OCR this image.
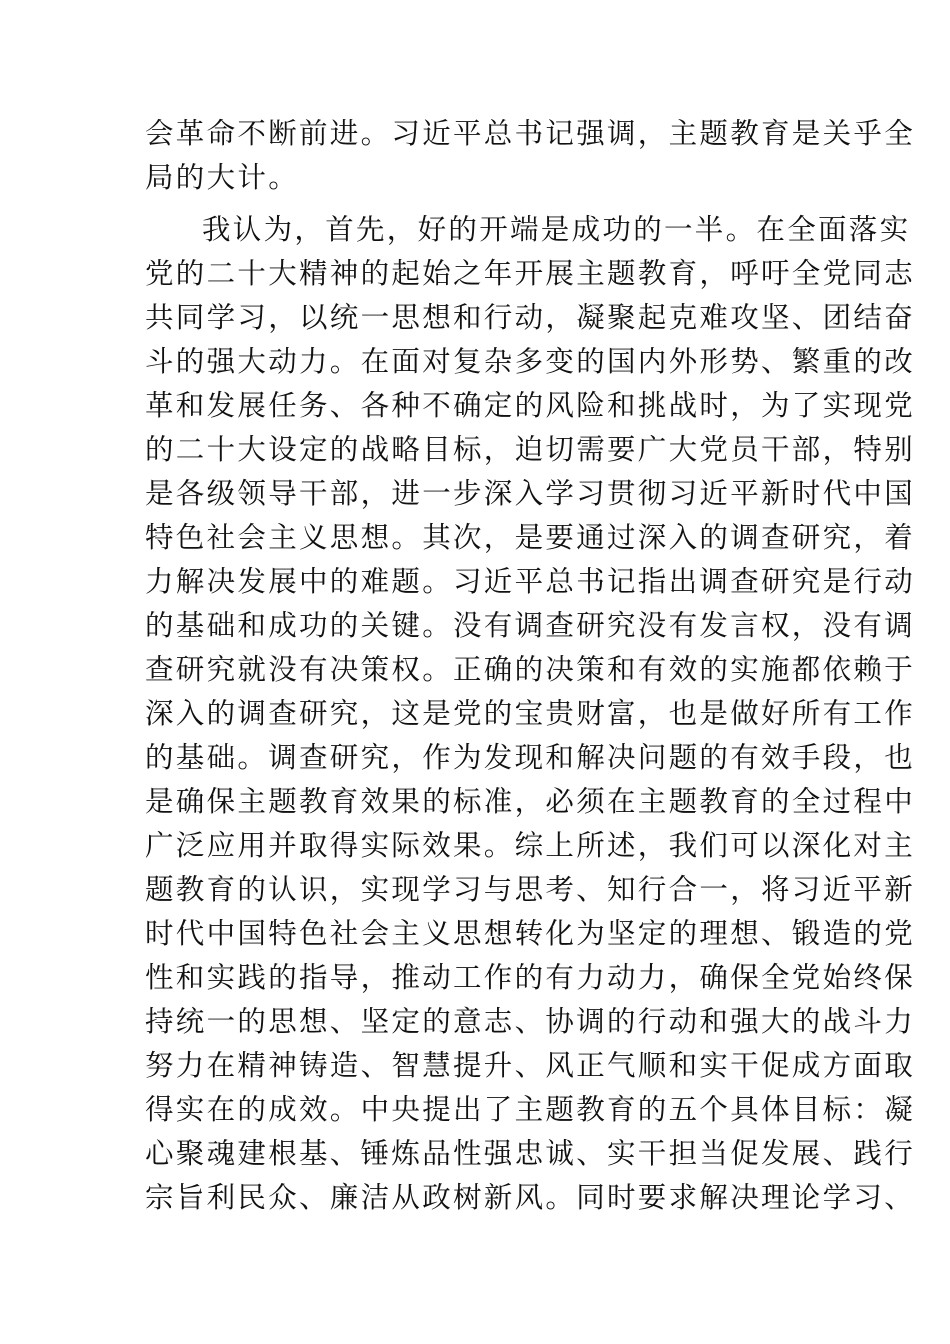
会革命不断前进。习近平总书记强调，主题教育是关乎全
局的大计。
我认为，首先，好的开端是成功的一半。在全面落实
党的二十大精神的起始之年开展主题教育，呼吁全党同志
共同学习，以统一思想和行动，凝聚起克难攻坚、团结奋
斗的强大动力。在面对复杂多变的国内外形势、繁重的改
革和发展任务、各种不确定的风险和挑战时，为了实现党
的二十大设定的战略目标，迫切需要广大党员干部，特别
是各级领导干部，进一步深入学习贯彻习近平新时代中国
特色社会主义思想。其次，是要通过深入的调查研究，着
力解决发展中的难题。习近平总书记指出调查研究是行动
的基础和成功的关键。没有调查研究没有发言权，没有调
查研究就没有决策权。正确的决策和有效的实施都依赖于
深入的调查研究，这是党的宝贵财富，也是做好所有工作
的基础。调查研究，作为发现和解决问题的有效手段，也
是确保主题教育效果的标准，必须在主题教育的全过程中
广泛应用并取得实际效果。综上所述，我们可以深化对主
题教育的认识，实现学习与思考、知行合一，将习近平新
时代中国特色社会主义思想转化为坚定的理想、锻造的党
性和实践的指导，推动工作的有力动力，确保全党始终保
持统一的思想、坚定的意志、协调的行动和强大的战斗力
努力在精神铸造、智慧提升、风正气顺和实干促成方面取
得实在的成效。中央提出了主题教育的五个具体目标：凝
心聚魂建根基、锤炼品性强忠诚、实干担当促发展、践行
宗旨利民众、廉洁从政树新风。同时要求解决理论学习、
